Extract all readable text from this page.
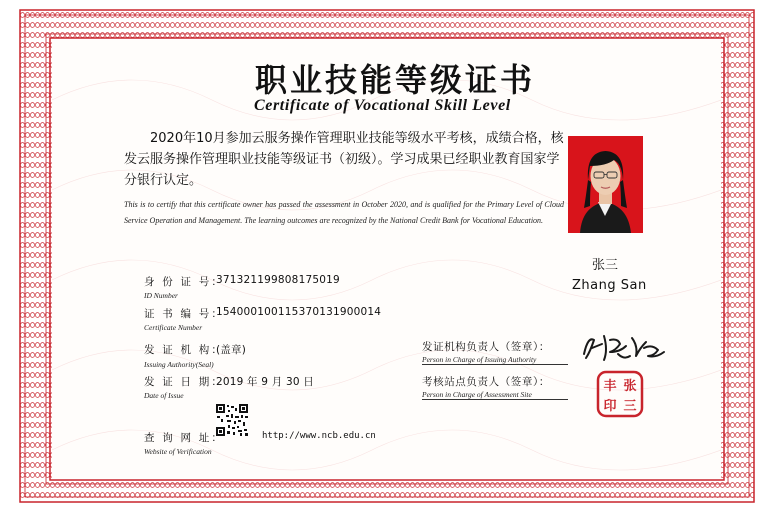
职业技能等级证书
Certificate of Vocational Skill Level
2020年10月参加云服务操作管理职业技能等级水平考核，成绩合格，核发云服务操作管理职业技能等级证书（初级）。学习成果已经职业教育国家学分银行认定。
This is to certify that this certificate owner has passed the assessment in October 2020, and is qualified for the Primary Level of Cloud Service Operation and Management. The learning outcomes are recognized by the National Credit Bank for Vocational Education.
张三
Zhang San
身 份 证 号：
371321199808175019
ID Number
证 书 编 号：
15400010011537013190​0014
Certificate Number
发 证 机 构：
(盖章)
Issuing Authority(Seal)
发 证 日 期：
2019 年 9 月 30 日
Date of Issue
查 询 网 址：	http://www.ncb.edu.cn
Website of Verification
发证机构负责人（签章）：
Person in Charge of Issuing Authority
考核站点负责人（签章）：
Person in Charge of Assessment Site
丰 张
印 三
